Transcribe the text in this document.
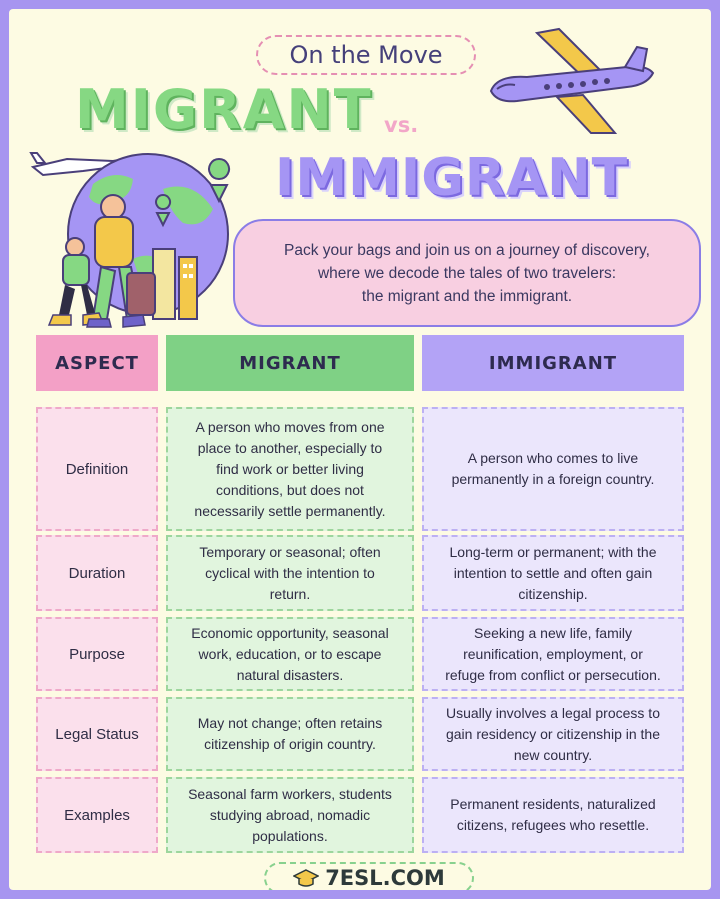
On the Move
MIGRANT vs.
IMMIGRANT
Pack your bags and join us on a journey of discovery,
where we decode the tales of two travelers:
the migrant and the immigrant.
ASPECT	MIGRANT	IMMIGRANT
Definition
A person who moves from one
place to another, especially to
find work or better living
conditions, but does not
necessarily settle permanently.
A person who comes to live
permanently in a foreign country.
Duration
Temporary or seasonal; often
cyclical with the intention to
return.
Long-term or permanent; with the
intention to settle and often gain
citizenship.
Purpose
Economic opportunity, seasonal
work, education, or to escape
natural disasters.
Seeking a new life, family
reunification, employment, or
refuge from conflict or persecution.
Legal Status
May not change; often retains
citizenship of origin country.
Usually involves a legal process to
gain residency or citizenship in the
new country.
Examples
Seasonal farm workers, students
studying abroad, nomadic
populations.
Permanent residents, naturalized
citizens, refugees who resettle.
7ESL.COM
